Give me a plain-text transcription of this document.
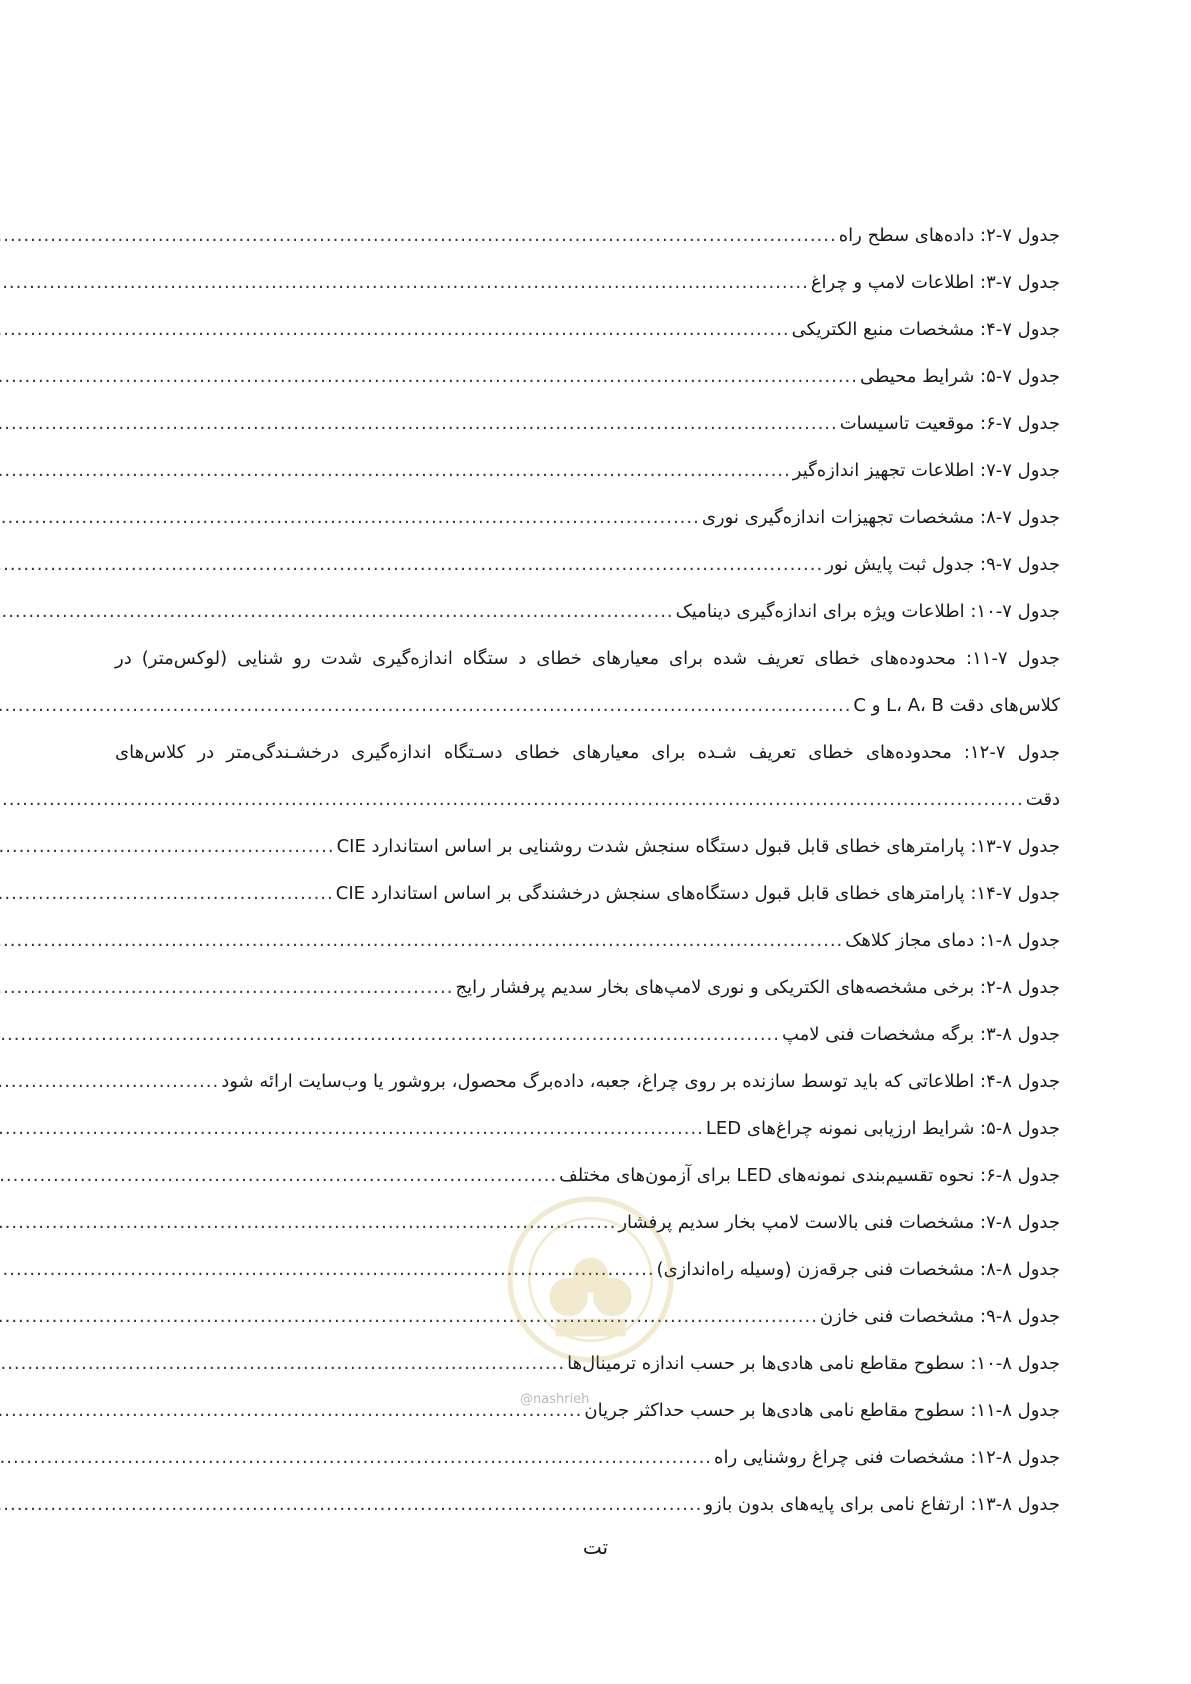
جدول ۷-۲: داده‌های سطح راه
.....
جدول ۷-۳: اطلاعات لامپ و چراغ
.....
جدول ۷-۴: مشخصات منبع الکتریکی
.....
جدول ۷-۵: شرایط محیطی
.....
جدول ۷-۶: موقعیت تاسیسات
.....
جدول ۷-۷: اطلاعات تجهیز اندازه‌گیر
.....
جدول ۷-۸: مشخصات تجهیزات اندازه‌گیری نوری
.....
جدول ۷-۹: جدول ثبت پایش نور
.....
جدول ۷-۱۰: اطلاعات ویژه برای اندازه‌گیری دینامیک
.....
جدول ۷-۱۱: محدوده‌های خطای تعریف شده برای معیارهای خطای د ستگاه اندازه‌گیری شدت رو شنایی (لوکس‌متر) در
کلاس‌های دقت L، A، B و C
.....
جدول ۷-۱۲: محدوده‌های خطای تعریف شـده برای معیارهای خطای دسـتگاه اندازه‌گیری درخشـندگی‌متر در کلاس‌های
دقت
.....
جدول ۷-۱۳: پارامترهای خطای قابل قبول دستگاه سنجش شدت روشنایی بر اساس استاندارد CIE
.....
جدول ۷-۱۴: پارامترهای خطای قابل قبول دستگاه‌های سنجش درخشندگی بر اساس استاندارد CIE
.....
جدول ۸-۱: دمای مجاز کلاهک
.....
جدول ۸-۲: برخی مشخصه‌های الکتریکی و نوری لامپ‌های بخار سدیم پرفشار رایج
.....
جدول ۸-۳: برگه مشخصات فنی لامپ
.....
جدول ۸-۴: اطلاعاتی که باید توسط سازنده بر روی چراغ، جعبه، داده‌برگ محصول، بروشور یا وب‌سایت ارائه شود
.....
جدول ۸-۵: شرایط ارزیابی نمونه چراغ‌های LED
.....
جدول ۸-۶: نحوه تقسیم‌بندی نمونه‌های LED برای آزمون‌های مختلف
.....
جدول ۸-۷: مشخصات فنی بالاست لامپ بخار سدیم پرفشار
.....
جدول ۸-۸: مشخصات فنی جرقه‌زن (وسیله راه‌اندازی)
.....
جدول ۸-۹: مشخصات فنی خازن
.....
جدول ۸-۱۰: سطوح مقاطع نامی هادی‌ها بر حسب اندازه ترمینال‌ها
.....
جدول ۸-۱۱: سطوح مقاطع نامی هادی‌ها بر حسب حداکثر جریان
.....
جدول ۸-۱۲: مشخصات فنی چراغ روشنایی راه
.....
جدول ۸-۱۳: ارتفاع نامی برای پایه‌های بدون بازو
.....
@nashrieh
تت
